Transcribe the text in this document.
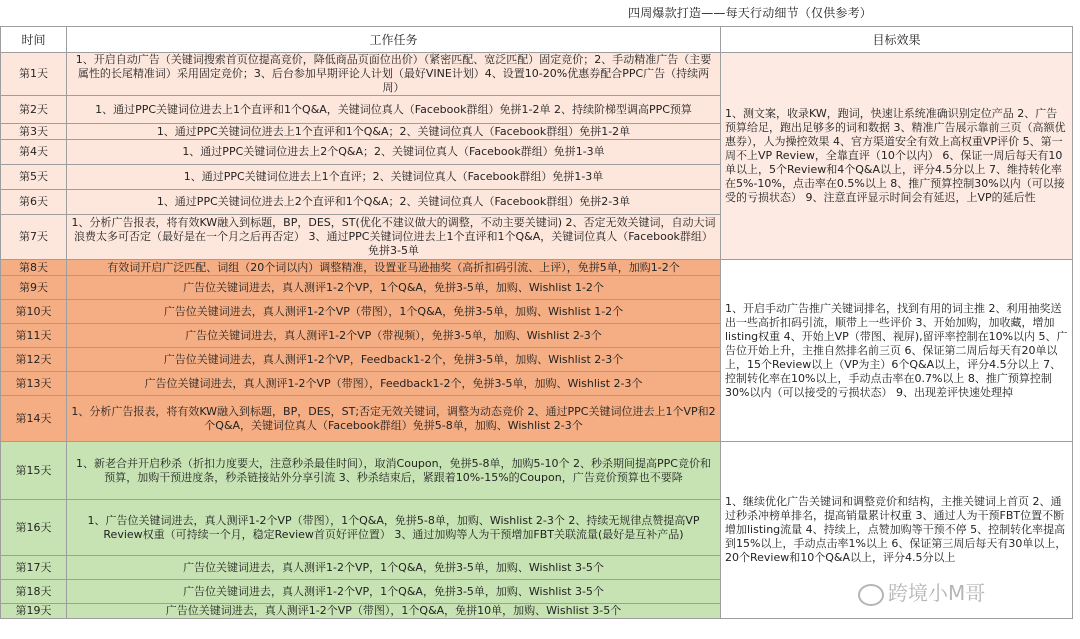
四周爆款打造——每天行动细节（仅供参考）
时间	工作任务	目标效果
第1天	1、开启自动广告（关键词搜索首页位提高竞价，降低商品页面位出价）（紧密匹配、宽泛匹配）固定竞价；2、手动精准广告（主要属性的长尾精准词）采用固定竞价；3、后台参加早期评论人计划（最好VINE计划）4、设置10-20%优惠券配合PPC广告（持续两周）	1、测文案，收录KW，跑词，快速让系统准确识别定位产品 2、广告预算给足，跑出足够多的词和数据 3、精准广告展示靠前三页（高额优惠券），人为操控效果 4、官方渠道安全有效上高权重VP评价 5、第一周不上VP Review，全靠直评（10个以内） 6、保证一周后每天有10单以上，5个Review和4个Q&A以上，评分4.5分以上 7、维持转化率在5%-10%，点击率在0.5%以上 8、推广预算控制30%以内（可以接受的亏损状态） 9、注意直评显示时间会有延迟，上VP的延后性
第2天	1、通过PPC关键词位进去上1个直评和1个Q&A，关键词位真人（Facebook群组）免拼1-2单 2、持续阶梯型调高PPC预算	
第3天	1、通过PPC关键词位进去上1个直评和1个Q&A；2、关键词位真人（Facebook群组）免拼1-2单	
第4天	1、通过PPC关键词位进去上2个Q&A；2、关键词位真人（Facebook群组）免拼1-3单	
第5天	1、通过PPC关键词位进去上1个直评；2、关键词位真人（Facebook群组）免拼1-3单	
第6天	1、通过PPC关键词位进去上2个直评和1个Q&A；2、关键词位真人（Facebook群组）免拼2-3单	
第7天	1、分析广告报表，将有效KW融入到标题，BP，DES，ST(优化不建议做大的调整，不动主要关键词) 2、否定无效关键词，自动大词浪费太多可否定（最好是在一个月之后再否定） 3、通过PPC关键词位进去上1个直评和1个Q&A，关键词位真人（Facebook群组）免拼3-5单	
第8天	有效词开启广泛匹配、词组（20个词以内）调整精准，设置亚马逊抽奖（高折扣码引流、上评），免拼5单，加购1-2个	1、开启手动广告推广关键词排名，找到有用的词主推 2、利用抽奖送出一些高折扣码引流，顺带上一些评价 3、开始加购，加收藏，增加listing权重 4、开始上VP（带图、视屏),留评率控制在10%以内 5、广告位开始上升，主推自然排名前三页 6、保证第二周后每天有20单以上，15个Review以上（VP为主）6个Q&A以上，评分4.5分以上 7、控制转化率在10%以上，手动点击率在0.7%以上 8、推广预算控制30%以内（可以接受的亏损状态） 9、出现差评快速处理掉
第9天	广告位关键词进去，真人测评1-2个VP，1个Q&A，免拼3-5单，加购、Wishlist 1-2个	
第10天	广告位关键词进去，真人测评1-2个VP（带图），1个Q&A，免拼3-5单，加购、Wishlist 1-2个	
第11天	广告位关键词进去，真人测评1-2个VP（带视频），免拼3-5单，加购、Wishlist 2-3个	
第12天	广告位关键词进去，真人测评1-2个VP，Feedback1-2个，免拼3-5单，加购、Wishlist 2-3个	
第13天	广告位关键词进去，真人测评1-2个VP（带图），Feedback1-2个，免拼3-5单，加购、Wishlist 2-3个	
第14天	1、分析广告报表，将有效KW融入到标题，BP，DES，ST;否定无效关键词，调整为动态竞价 2、通过PPC关键词位进去上1个VP和2个Q&A，关键词位真人（Facebook群组）免拼5-8单，加购、Wishlist 2-3个	
第15天	1、新老合并开启秒杀（折扣力度要大，注意秒杀最佳时间），取消Coupon，免拼5-8单，加购5-10个 2、秒杀期间提高PPC竞价和预算，加购干预进度条，秒杀链接站外分享引流 3、秒杀结束后，紧跟着10%-15%的Coupon，广告竞价预算也不要降	1、继续优化广告关键词和调整竞价和结构，主推关键词上首页 2、通过秒杀冲榜单排名，提高销量累计权重 3、通过人为干预FBT位置不断增加listing流量 4、持续上，点赞加购等干预不停 5、控制转化率提高到15%以上，手动点击率1%以上 6、保证第三周后每天有30单以上，20个Review和10个Q&A以上，评分4.5分以上
第16天	1、广告位关键词进去，真人测评1-2个VP（带图），1个Q&A，免拼5-8单，加购、Wishlist 2-3个 2、持续无规律点赞提高VP Review权重（可持续一个月，稳定Review首页好评位置） 3、通过加购等人为干预增加FBT关联流量(最好是互补产品)	
第17天	广告位关键词进去，真人测评1-2个VP，1个Q&A，免拼3-5单，加购、Wishlist 3-5个	
第18天	广告位关键词进去，真人测评1-2个VP，1个Q&A，免拼3-5单，加购、Wishlist 3-5个	
第19天	广告位关键词进去，真人测评1-2个VP（带图），1个Q&A，免拼10单，加购、Wishlist 3-5个	
跨境小M哥
